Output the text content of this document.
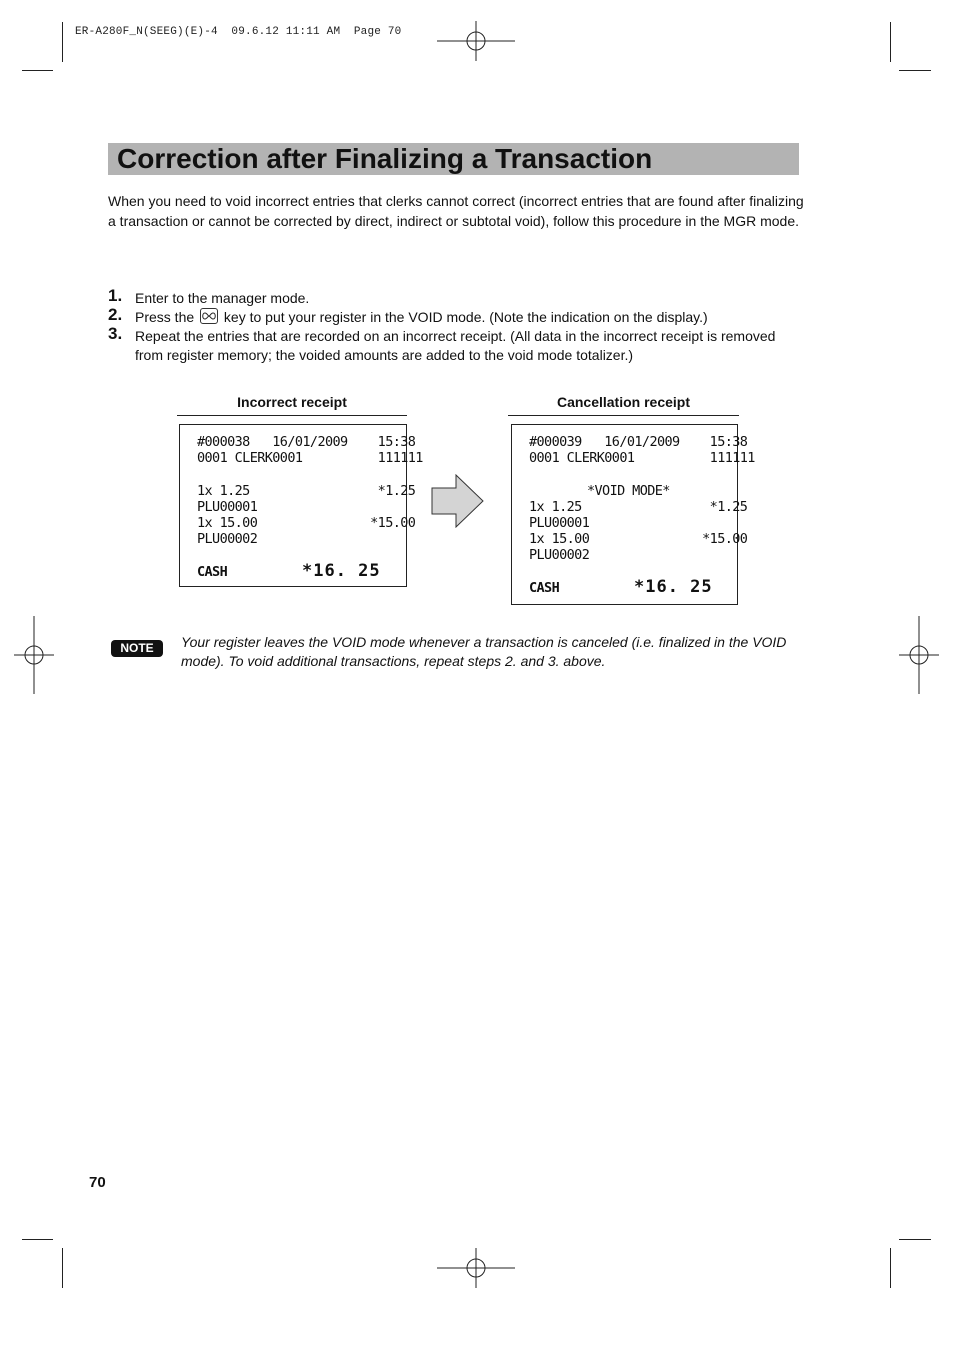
ER-A280F_N(SEEG)(E)-4  09.6.12 11:11 AM  Page 70
Correction after Finalizing a Transaction
When you need to void incorrect entries that clerks cannot correct (incorrect entries that are found after finalizing a transaction or cannot be corrected by direct, indirect or subtotal void), follow this procedure in the MGR mode.
1. Enter to the manager mode.
2. Press the key to put your register in the VOID mode. (Note the indication on the display.)
3. Repeat the entries that are recorded on an incorrect receipt. (All data in the incorrect receipt is removed from register memory; the voided amounts are added to the void mode totalizer.)
Incorrect receipt
#000038   16/01/2009    15:38
0001 CLERK0001          111111
1x 1.25                 *1.25
PLU00001
1x 15.00               *15.00
PLU00002
CASH	*16. 25
Cancellation receipt
#000039   16/01/2009    15:38
0001 CLERK0001          111111
*VOID MODE*
1x 1.25                 *1.25
PLU00001
1x 15.00               *15.00
PLU00002
CASH	*16. 25
NOTE	Your register leaves the VOID mode whenever a transaction is canceled (i.e. finalized in the VOID mode). To void additional transactions, repeat steps 2. and 3. above.
70
